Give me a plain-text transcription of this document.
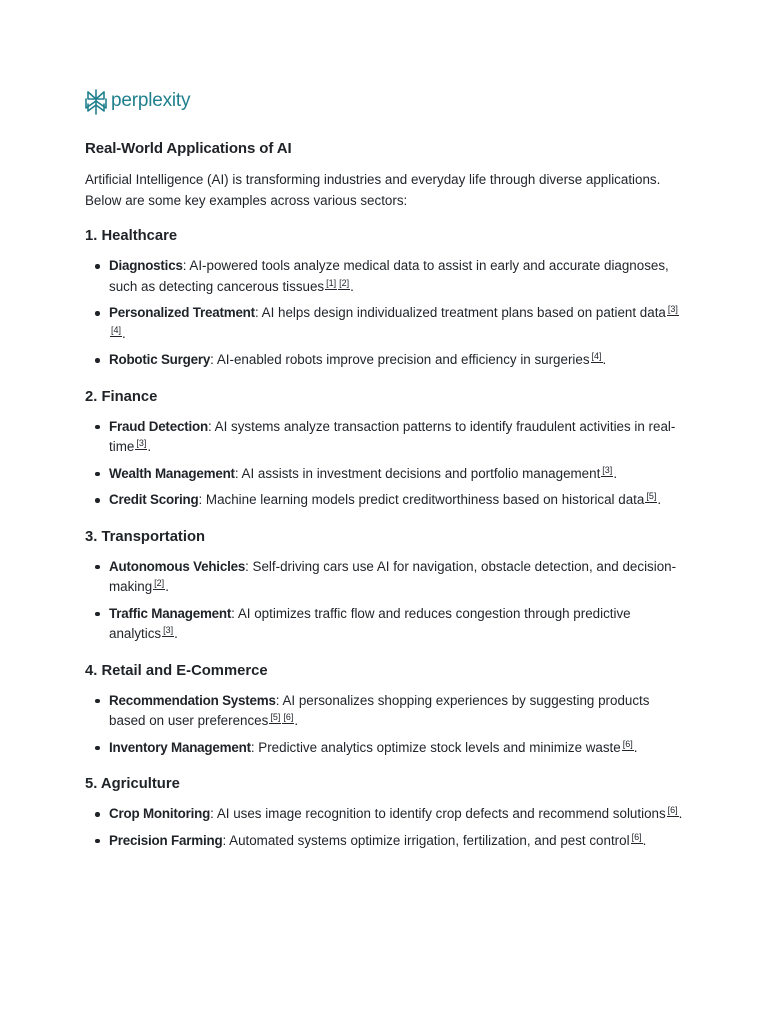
perplexity
Real-World Applications of AI

Artificial Intelligence (AI) is transforming industries and everyday life through diverse applications. Below are some key examples across various sectors:

1. Healthcare
Diagnostics: AI-powered tools analyze medical data to assist in early and accurate diagnoses, such as detecting cancerous tissues [1] [2].
Personalized Treatment: AI helps design individualized treatment plans based on patient data [3][4].
Robotic Surgery: AI-enabled robots improve precision and efficiency in surgeries [4].
2. Finance
Fraud Detection: AI systems analyze transaction patterns to identify fraudulent activities in real-time [3].
Wealth Management: AI assists in investment decisions and portfolio management [3].
Credit Scoring: Machine learning models predict creditworthiness based on historical data [5].
3. Transportation
Autonomous Vehicles: Self-driving cars use AI for navigation, obstacle detection, and decision-making [2].
Traffic Management: AI optimizes traffic flow and reduces congestion through predictive analytics [3].
4. Retail and E-Commerce
Recommendation Systems: AI personalizes shopping experiences by suggesting products based on user preferences [5] [6].
Inventory Management: Predictive analytics optimize stock levels and minimize waste [6].
5. Agriculture
Crop Monitoring: AI uses image recognition to identify crop defects and recommend solutions [6].
Precision Farming: Automated systems optimize irrigation, fertilization, and pest control [6].
